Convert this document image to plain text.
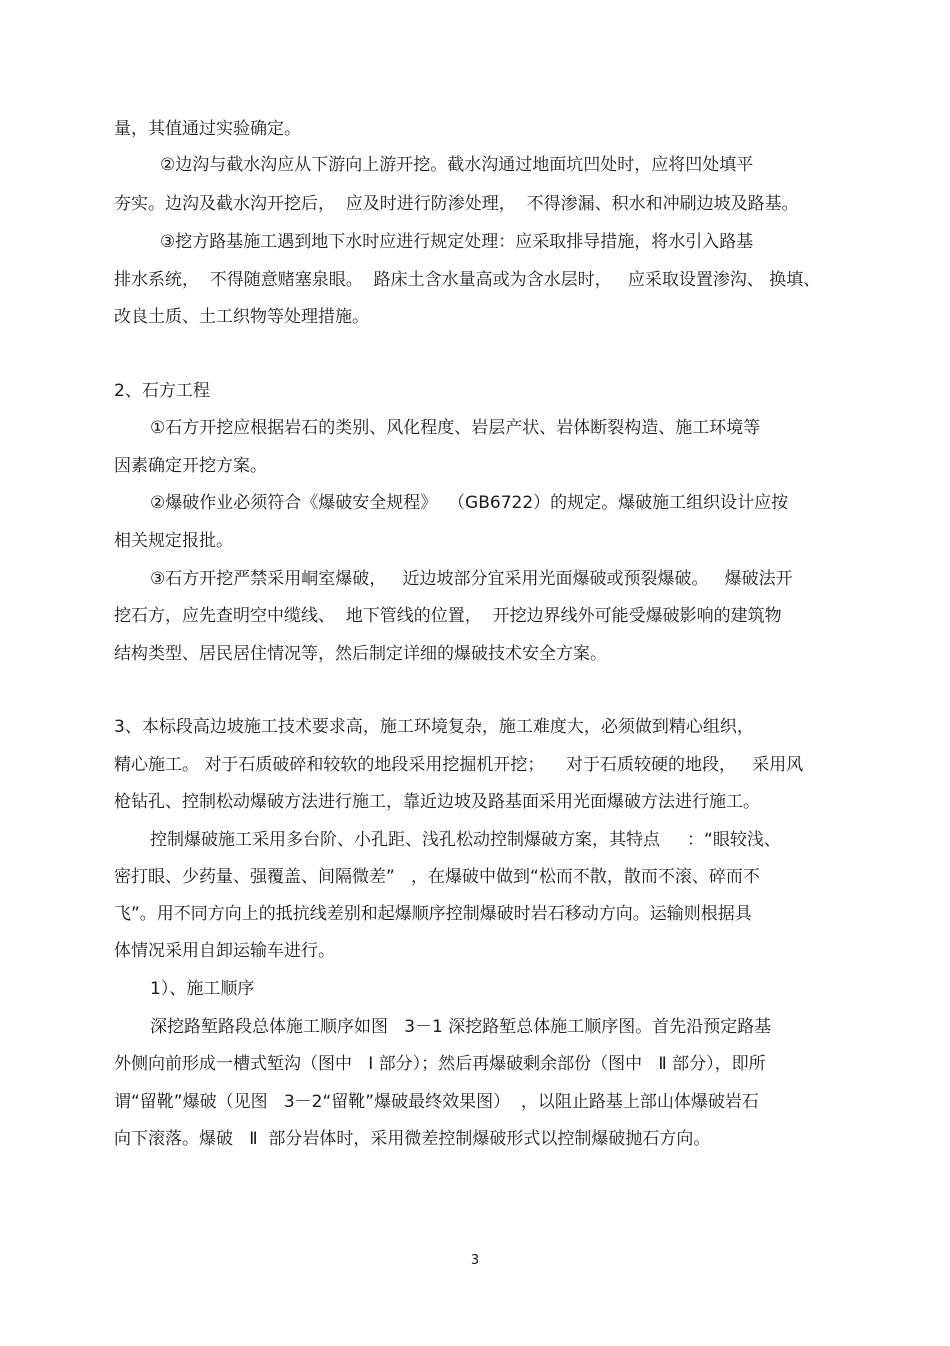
量，其值通过实验确定。
②边沟与截水沟应从下游向上游开挖。截水沟通过地面坑凹处时，应将凹处填平
夯实。边沟及截水沟开挖后，  应及时进行防渗处理，  不得渗漏、积水和冲刷边坡及路基。
③挖方路基施工遇到地下水时应进行规定处理：应采取排导措施，将水引入路基
排水系统，  不得随意赌塞泉眼。  路床土含水量高或为含水层时，   应采取设置渗沟、 换填、
改良土质、土工织物等处理措施。
2、石方工程
①石方开挖应根据岩石的类别、风化程度、岩层产状、岩体断裂构造、施工环境等
因素确定开挖方案。
②爆破作业必须符合《爆破安全规程》  （GB6722）的规定。爆破施工组织设计应按
相关规定报批。
③石方开挖严禁采用峒室爆破，   近边坡部分宜采用光面爆破或预裂爆破。   爆破法开
挖石方，应先查明空中缆线、  地下管线的位置，  开挖边界线外可能受爆破影响的建筑物
结构类型、居民居住情况等，然后制定详细的爆破技术安全方案。
3、本标段高边坡施工技术要求高，施工环境复杂，施工难度大，必须做到精心组织，
精心施工。 对于石质破碎和较软的地段采用挖掘机开挖；    对于石质较硬的地段，   采用风
枪钻孔、控制松动爆破方法进行施工，靠近边坡及路基面采用光面爆破方法进行施工。
控制爆破施工采用多台阶、小孔距、浅孔松动控制爆破方案，其特点     ：“眼较浅、
密打眼、少药量、强覆盖、间隔微差”   ，在爆破中做到“松而不散，散而不滚、碎而不
飞”。用不同方向上的抵抗线差别和起爆顺序控制爆破时岩石移动方向。运输则根据具
体情况采用自卸运输车进行。
1）、施工顺序
深挖路堑路段总体施工顺序如图   3－1 深挖路堑总体施工顺序图。首先沿预定路基
外侧向前形成一槽式堑沟（图中   Ⅰ 部分）；然后再爆破剩余部份（图中   Ⅱ 部分），即所
谓“留靴”爆破（见图   3－2“留靴”爆破最终效果图）  ，以阻止路基上部山体爆破岩石
向下滚落。爆破   Ⅱ  部分岩体时，采用微差控制爆破形式以控制爆破抛石方向。
3
